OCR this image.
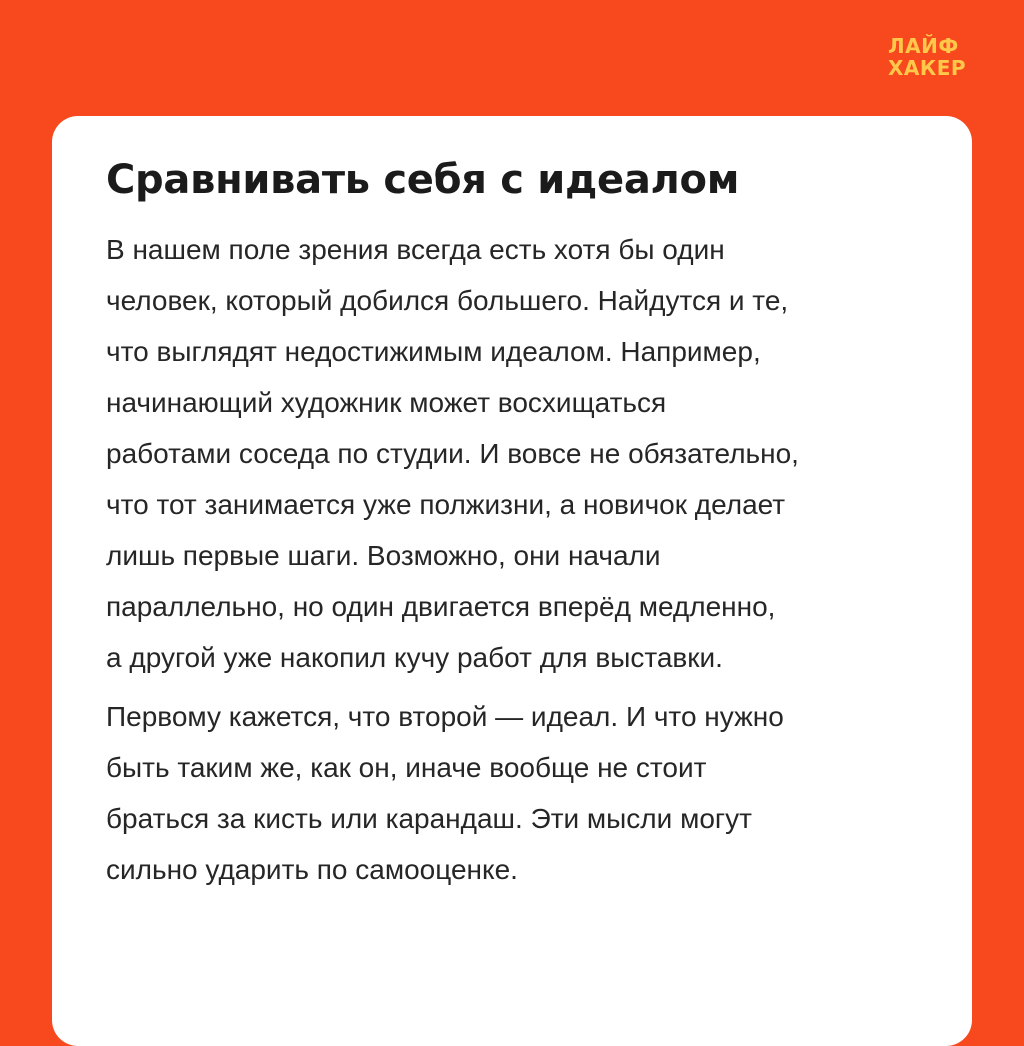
ЛАЙФ
ХАКЕР
Сравнивать себя с идеалом

В нашем поле зрения всегда есть хотя бы один
человек, который добился большего. Найдутся и те,
что выглядят недостижимым идеалом. Например,
начинающий художник может восхищаться
работами соседа по студии. И вовсе не обязательно,
что тот занимается уже полжизни, а новичок делает
лишь первые шаги. Возможно, они начали
параллельно, но один двигается вперёд медленно,
а другой уже накопил кучу работ для выставки.

Первому кажется, что второй — идеал. И что нужно
быть таким же, как он, иначе вообще не стоит
браться за кисть или карандаш. Эти мысли могут
сильно ударить по самооценке.
